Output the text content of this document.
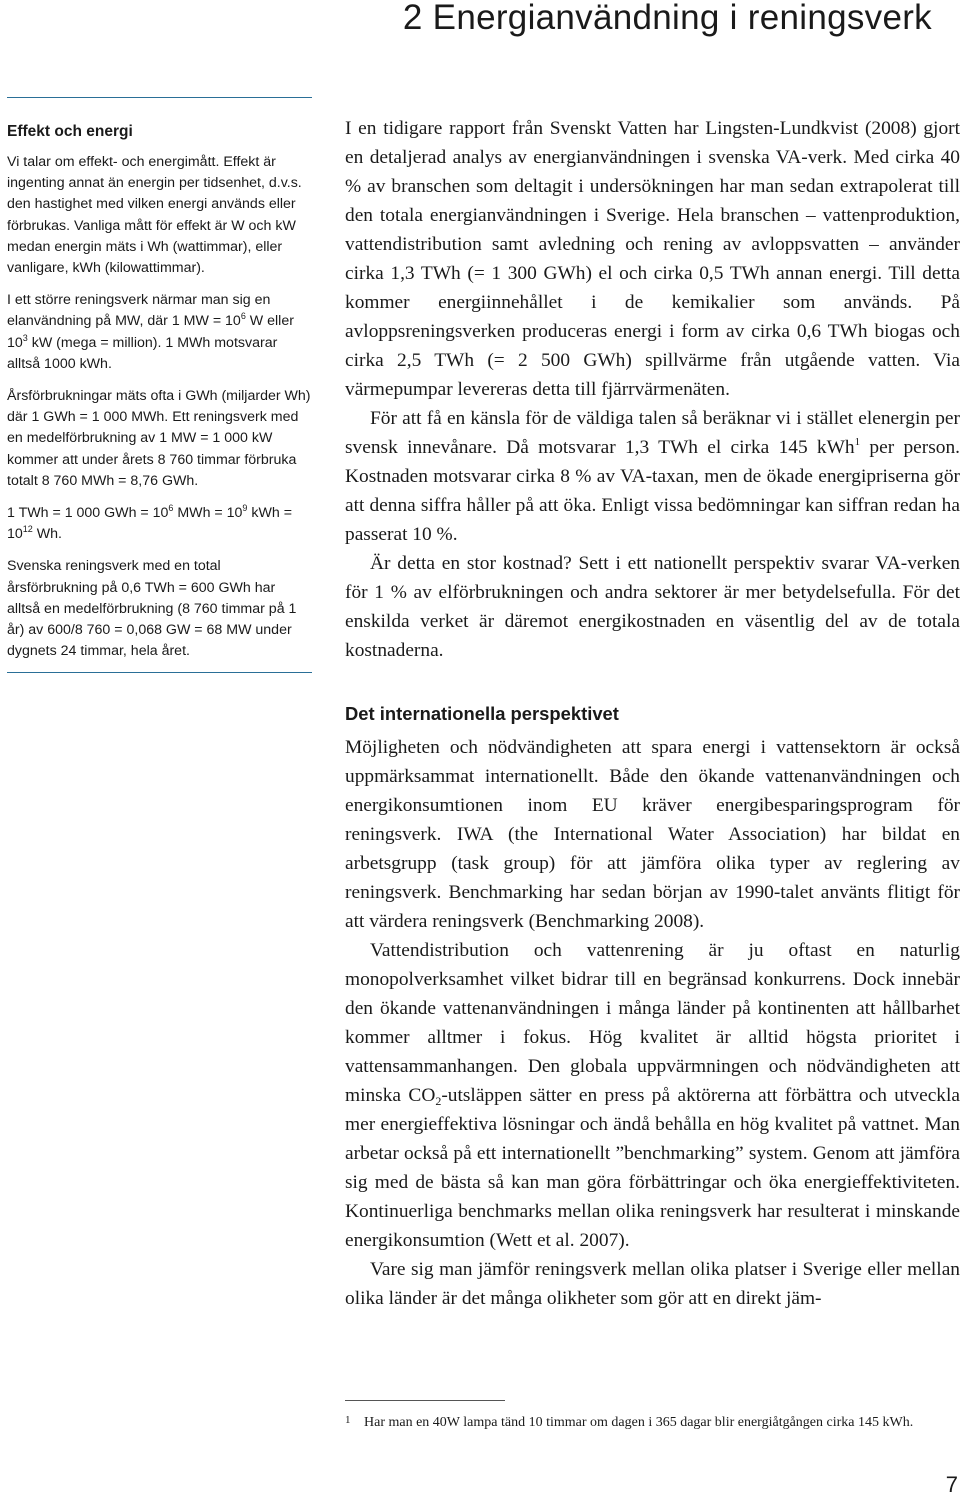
2 Energianvändning i reningsverk
Effekt och energi

Vi talar om effekt- och energimått. Effekt är ingenting annat än energin per tidsenhet, d.v.s. den hastighet med vilken energi används eller förbrukas. Vanliga mått för effekt är W och kW medan energin mäts i Wh (wattimmar), eller vanligare, kWh (kilowattimmar).

I ett större reningsverk närmar man sig en elanvändning på MW, där 1 MW = $10^6$ W eller $10^3$ kW (mega = million). 1 MWh motsvarar alltså 1000 kWh.

Årsförbrukningar mäts ofta i GWh (miljarder Wh) där 1 GWh = 1 000 MWh. Ett reningsverk med en medelförbrukning av 1 MW = 1 000 kW kommer att under årets 8 760 timmar förbruka totalt 8 760 MWh = 8,76 GWh.

1 TWh = 1 000 GWh = $10^6$ MWh = $10^9$ kWh = $10^{12}$ Wh.

Svenska reningsverk med en total årsförbrukning på 0,6 TWh = 600 GWh har alltså en medelförbrukning (8 760 timmar på 1 år) av 600/8 760 = 0,068 GW = 68 MW under dygnets 24 timmar, hela året.

I en tidigare rapport från Svenskt Vatten har Lingsten-Lundkvist (2008) gjort en detaljerad analys av energianvändningen i svenska VA-verk. Med cirka 40 % av branschen som deltagit i undersökningen har man sedan extrapolerat till den totala energianvändningen i Sverige. Hela branschen – vattenproduktion, vattendistribution samt avledning och rening av avloppsvatten – använder cirka 1,3 TWh (= 1 300 GWh) el och cirka 0,5 TWh annan energi. Till detta kommer energiinnehållet i de kemikalier som används. På avloppsreningsverken produceras energi i form av cirka 0,6 TWh biogas och cirka 2,5 TWh (= 2 500 GWh) spillvärme från utgående vatten. Via värmepumpar levereras detta till fjärrvärmenäten.

För att få en känsla för de väldiga talen så beräknar vi i stället elenergin per svensk innevånare. Då motsvarar 1,3 TWh el cirka 145 kWh$^1$ per person. Kostnaden motsvarar cirka 8 % av VA-taxan, men de ökade energipriserna gör att denna siffra håller på att öka. Enligt vissa bedömningar kan siffran redan ha passerat 10 %.

Är detta en stor kostnad? Sett i ett nationellt perspektiv svarar VA-verken för 1 % av elförbrukningen och andra sektorer är mer betydelsefulla. För det enskilda verket är däremot energikostnaden en väsentlig del av de totala kostnaderna.

Det internationella perspektivet

Möjligheten och nödvändigheten att spara energi i vattensektorn är också uppmärksammat internationellt. Både den ökande vattenanvändningen och energikonsumtionen inom EU kräver energibesparingsprogram för reningsverk. IWA (the International Water Association) har bildat en arbetsgrupp (task group) för att jämföra olika typer av reglering av reningsverk. Benchmarking har sedan början av 1990-talet använts flitigt för att värdera reningsverk (Benchmarking 2008).

Vattendistribution och vattenrening är ju oftast en naturlig monopolverksamhet vilket bidrar till en begränsad konkurrens. Dock innebär den ökande vattenanvändningen i många länder på kontinenten att hållbarhet kommer alltmer i fokus. Hög kvalitet är alltid högsta prioritet i vattensammanhangen. Den globala uppvärmningen och nödvändigheten att minska $CO_2$-utsläppen sätter en press på aktörerna att förbättra och utveckla mer energieffektiva lösningar och ändå behålla en hög kvalitet på vattnet. Man arbetar också på ett internationellt ”benchmarking” system. Genom att jämföra sig med de bästa så kan man göra förbättringar och öka energieffektiviteten. Kontinuerliga benchmarks mellan olika reningsverk har resulterat i minskande energikonsumtion (Wett et al. 2007).

Vare sig man jämför reningsverk mellan olika platser i Sverige eller mellan olika länder är det många olikheter som gör att en direkt jäm-

1 Har man en 40W lampa tänd 10 timmar om dagen i 365 dagar blir energiåtgången cirka 145 kWh.
7
